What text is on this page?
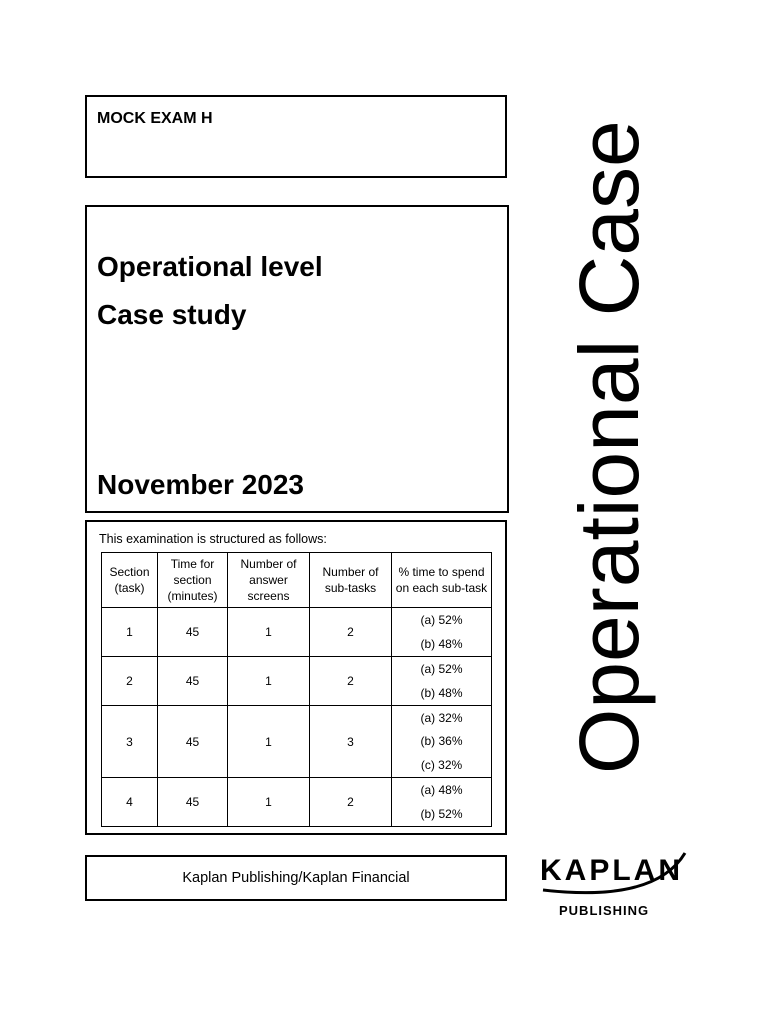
MOCK EXAM H
Operational level
Case study
November 2023
This examination is structured as follows:
Section (task)	Time for section (minutes)	Number of answer screens	Number of sub-tasks	% time to spend on each sub-task
1	45	1	2	(a) 52%
(b) 48%

2	45	1	2	(a) 52%
(b) 48%

3	45	1	3	(a) 32%
(b) 36%
(c) 32%

4	45	1	2	(a) 48%
(b) 52%
Kaplan Publishing/Kaplan Financial
Operational Case
KAPLAN
PUBLISHING
